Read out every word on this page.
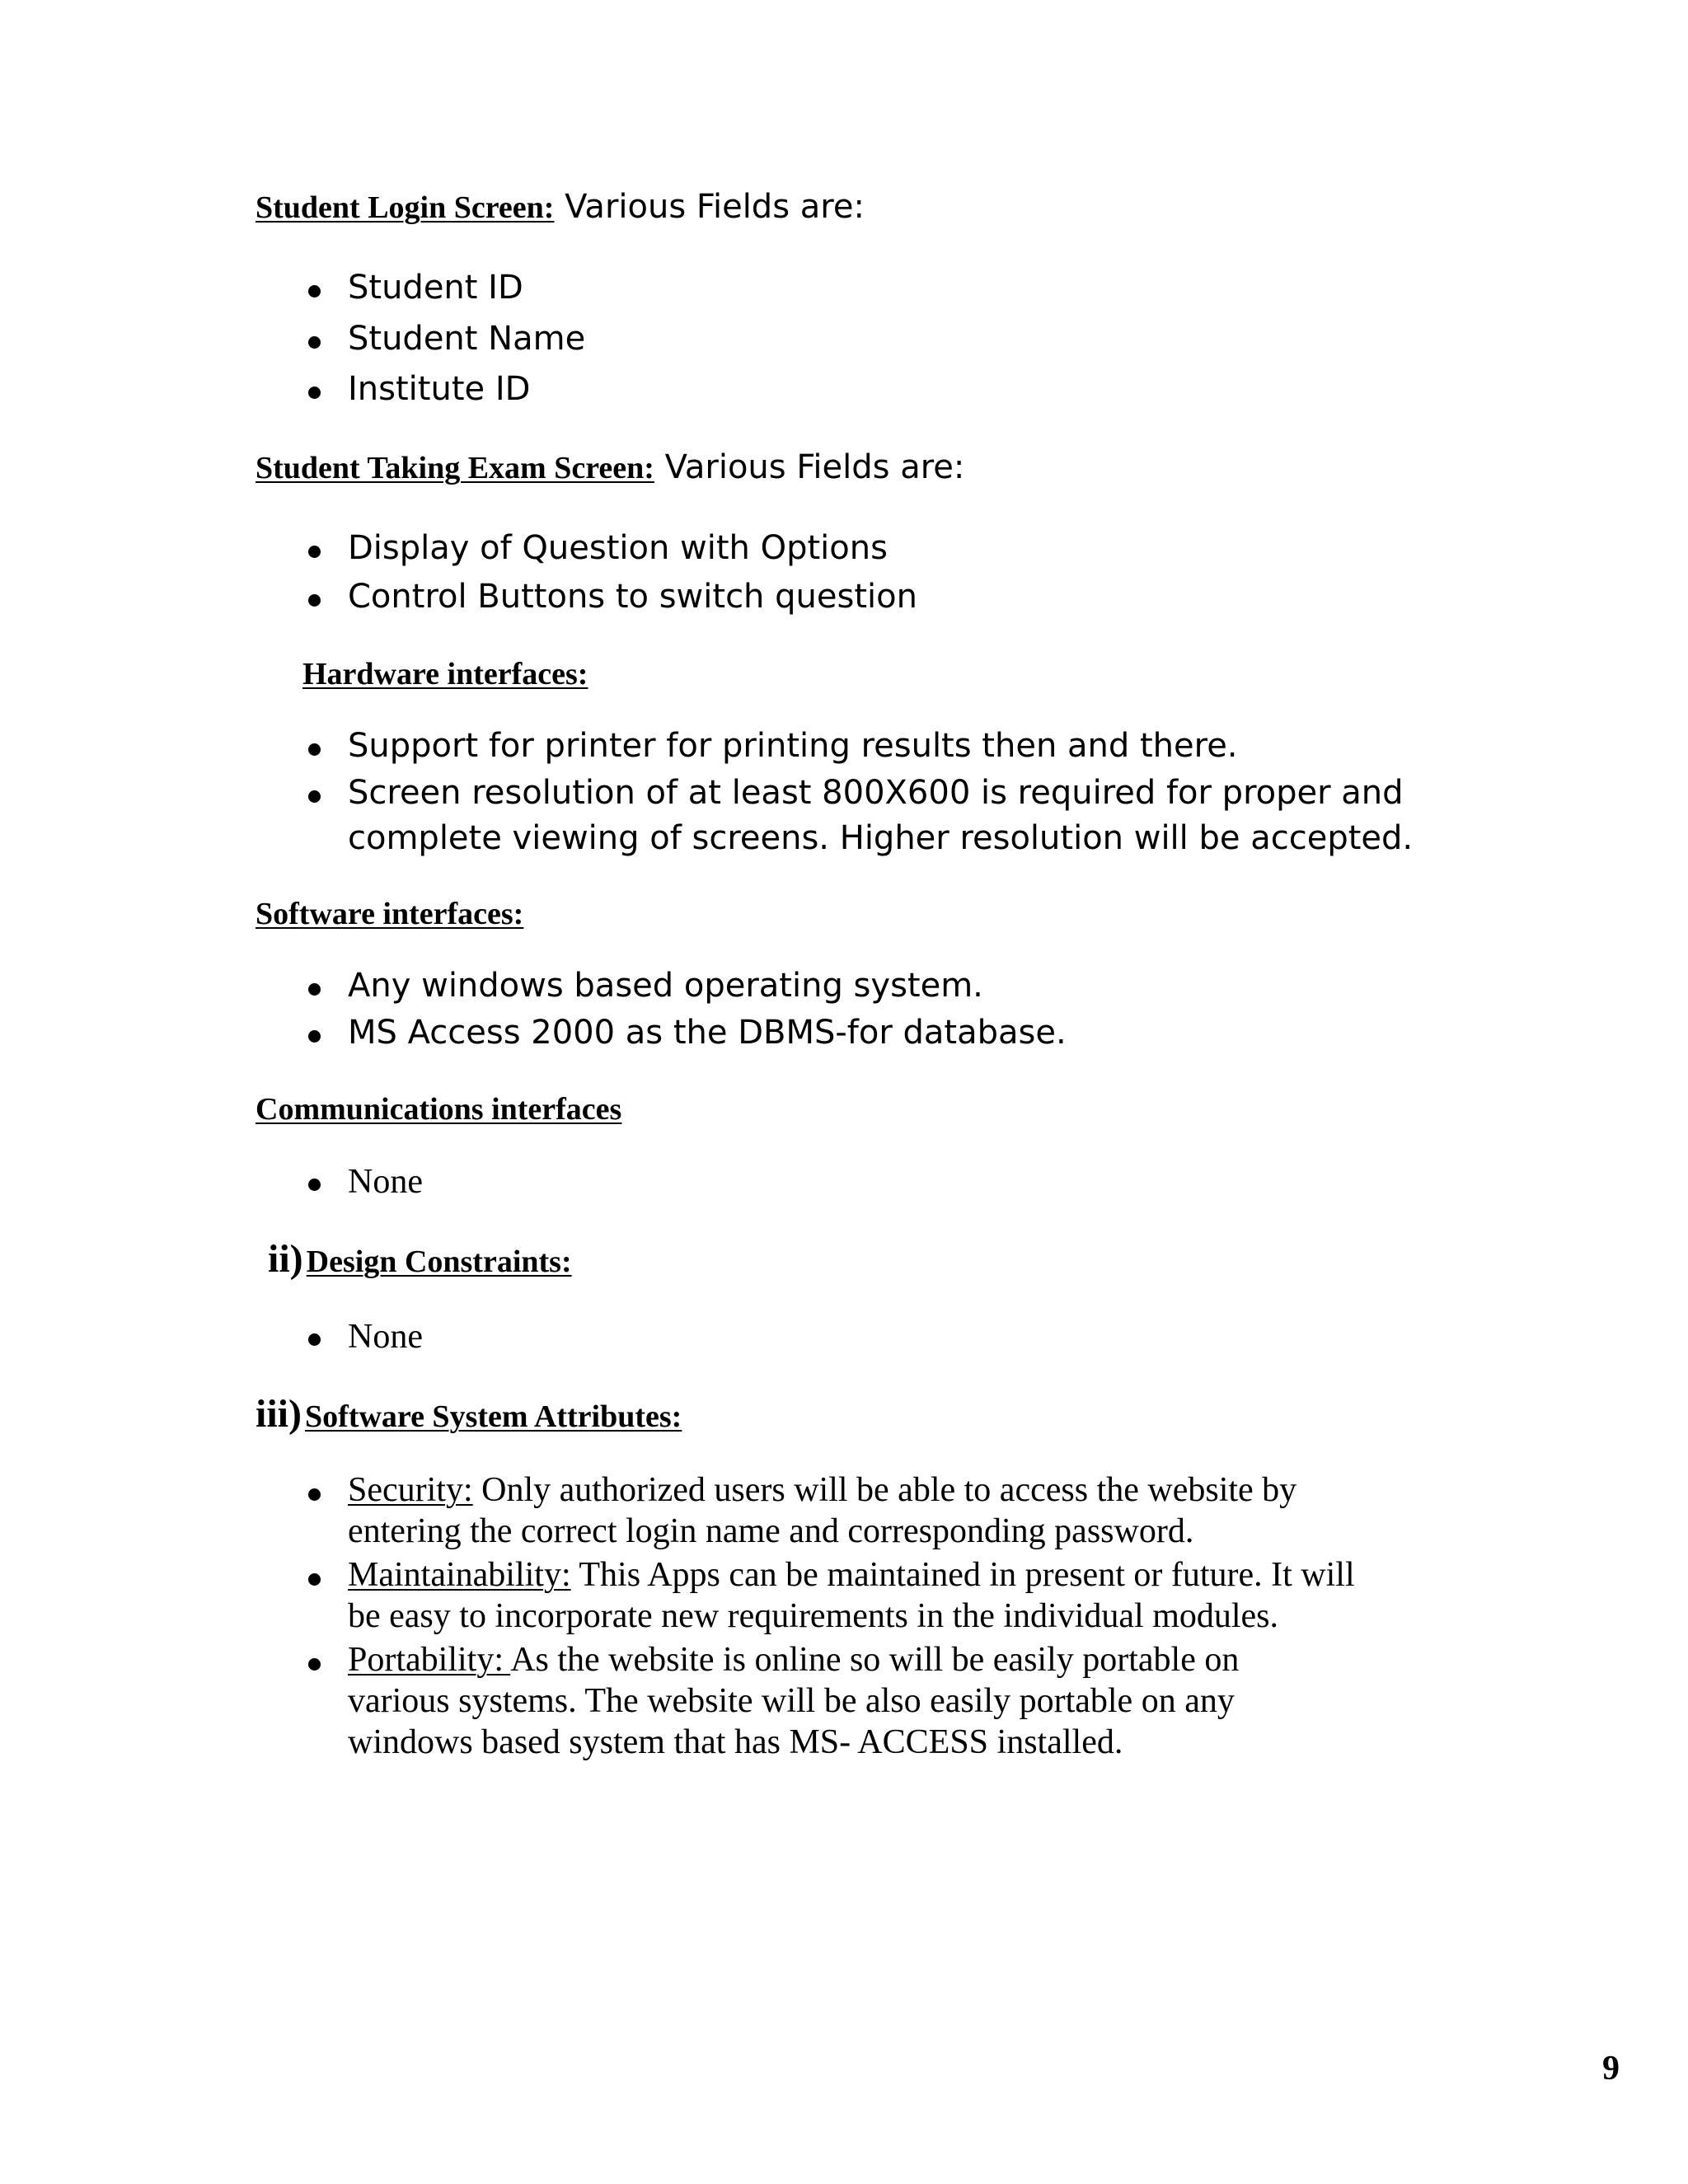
Student Login Screen: Various Fields are:
Student ID
Student Name
Institute ID
Student Taking Exam Screen: Various Fields are:
Display of Question with Options
Control Buttons to switch question
Hardware interfaces:
Support for printer for printing results then and there.
Screen resolution of at least 800X600 is required for proper and
complete viewing of screens. Higher resolution will be accepted.
Software interfaces:
Any windows based operating system.
MS Access 2000 as the DBMS-for database.
Communications interfaces
None
ii) Design Constraints:
None
iii) Software System Attributes:
Security: Only authorized users will be able to access the website by
entering the correct login name and corresponding password.
Maintainability: This Apps can be maintained in present or future. It will
be easy to incorporate new requirements in the individual modules.
Portability: As the website is online so will be easily portable on
various systems. The website will be also easily portable on any
windows based system that has MS- ACCESS installed.
9
